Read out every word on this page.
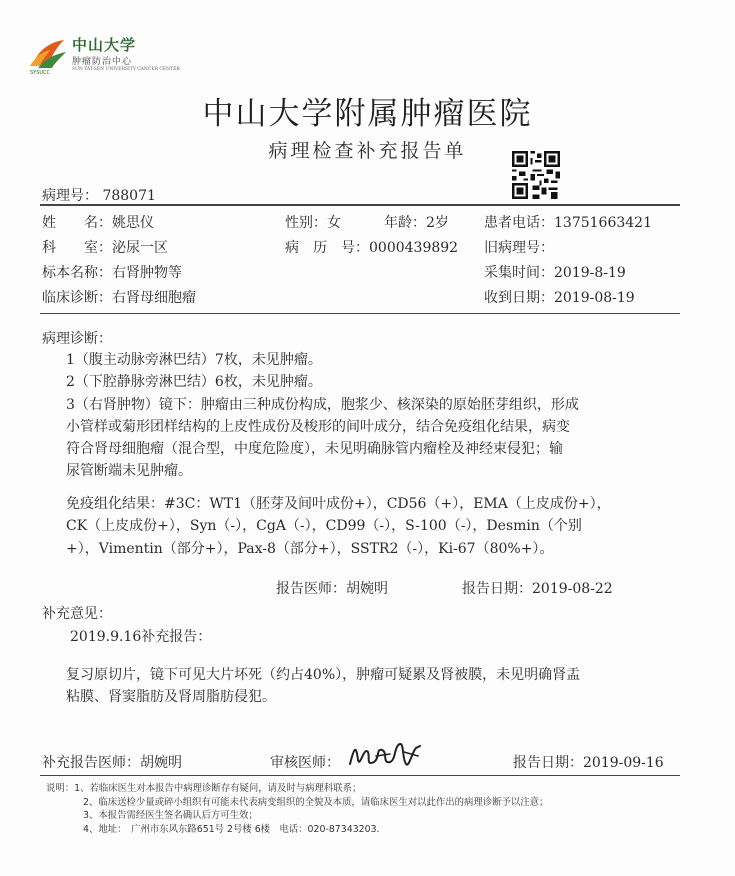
SYSUCC
中山大学
肿瘤防治中心
SUN YAT-SEN UNIVERSITY CANCER CENTER
中山大学附属肿瘤医院
病理检查补充报告单
病理号： 788071
姓　　名：姚思仪	性别：女	年龄：2岁	患者电话：13751663421
科　　室：泌尿一区	病　历　号：0000439892 旧病理号：
标本名称：右肾肿物等	采集时间：2019-8-19
临床诊断：右肾母细胞瘤	收到日期：2019-08-19
病理诊断：

1（腹主动脉旁淋巴结）7枚，未见肿瘤。

2（下腔静脉旁淋巴结）6枚，未见肿瘤。

3（右肾肿物）镜下：肿瘤由三种成份构成，胞浆少、核深染的原始胚芽组织，形成

小管样或菊形团样结构的上皮性成份及梭形的间叶成分，结合免疫组化结果，病变

符合肾母细胞瘤（混合型，中度危险度），未见明确脉管内瘤栓及神经束侵犯；输

尿管断端未见肿瘤。

免疫组化结果：#3C：WT1（胚芽及间叶成份+），CD56（+），EMA（上皮成份+），

CK（上皮成份+），Syn（-），CgA（-），CD99（-），S-100（-），Desmin（个别

+），Vimentin（部分+），Pax-8（部分+），SSTR2（-），Ki-67（80%+）。

报告医师：胡婉明	报告日期：2019-08-22
补充意见：
2019.9.16补充报告：

复习原切片，镜下可见大片坏死（约占40%），肿瘤可疑累及肾被膜，未见明确肾盂

粘膜、肾窦脂肪及肾周脂肪侵犯。

补充报告医师：胡婉明	审核医师：	报告日期：2019-09-16

说明：1、若临床医生对本报告中病理诊断存有疑问，请及时与病理科联系；

2、临床送检少量或碎小组织有可能未代表病变组织的全貌及本质，请临床医生对以此作出的病理诊断予以注意；

3、本报告需经医生签名确认后方可生效；

4、地址：　广州市东风东路651号 2号楼 6楼　电话：020-87343203.
